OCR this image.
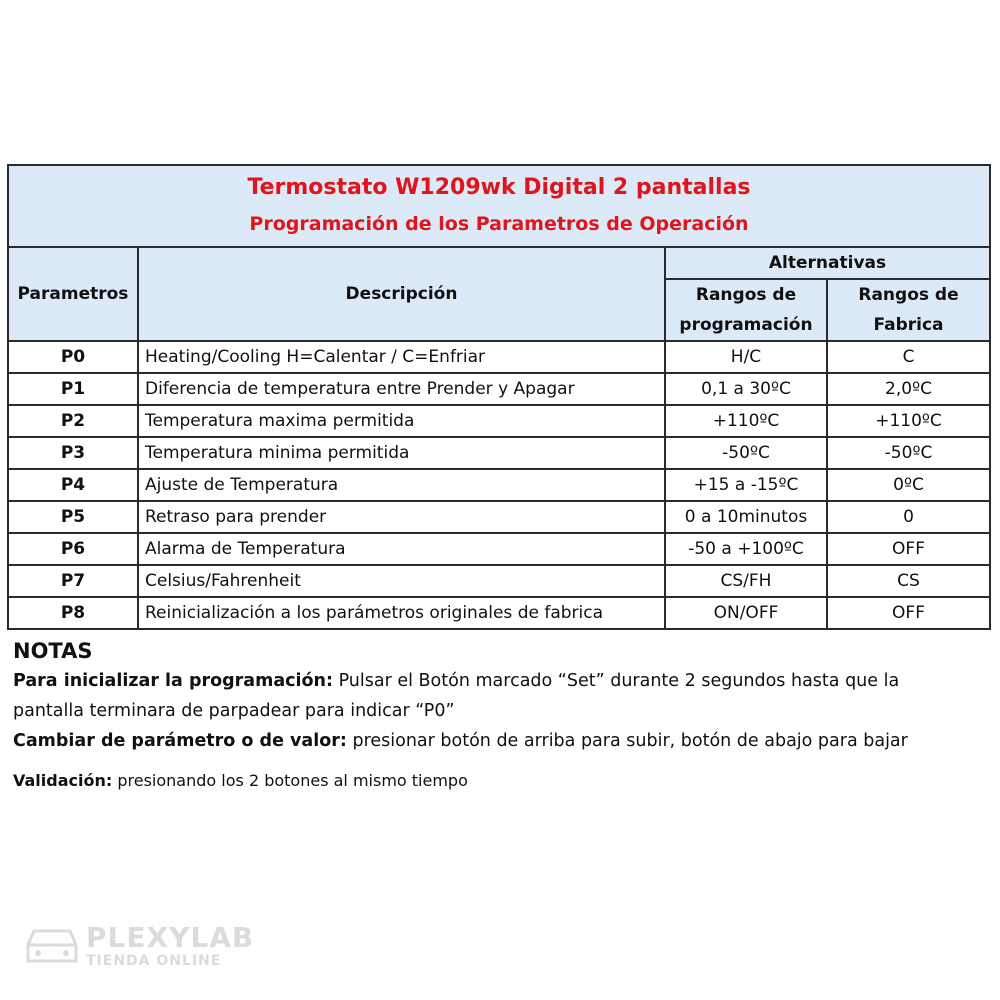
Termostato W1209wk Digital 2 pantallas
Programación de los Parametros de Operación			

Parametros	Descripción	Alternativas	
		Rangos de programación	Rangos de Fabrica
P0	Heating/Cooling H=Calentar / C=Enfriar	H/C	C
P1	Diferencia de temperatura entre Prender y Apagar	0,1 a 30ºC	2,0ºC
P2	Temperatura maxima permitida	+110ºC	+110ºC
P3	Temperatura minima permitida	-50ºC	-50ºC
P4	Ajuste de Temperatura	+15 a -15ºC	0ºC
P5	Retraso para prender	0 a 10minutos	0
P6	Alarma de Temperatura	-50 a +100ºC	OFF
P7	Celsius/Fahrenheit	CS/FH	CS
P8	Reinicialización a los parámetros originales de fabrica	ON/OFF	OFF
NOTAS
Para inicializar la programación: Pulsar el Botón marcado “Set” durante 2 segundos hasta que la pantalla terminara de parpadear para indicar “P0”
Cambiar de parámetro o de valor: presionar botón de arriba para subir, botón de abajo para bajar
Validación: presionando los 2 botones al mismo tiempo
PLEXYLAB
TIENDA ONLINE
